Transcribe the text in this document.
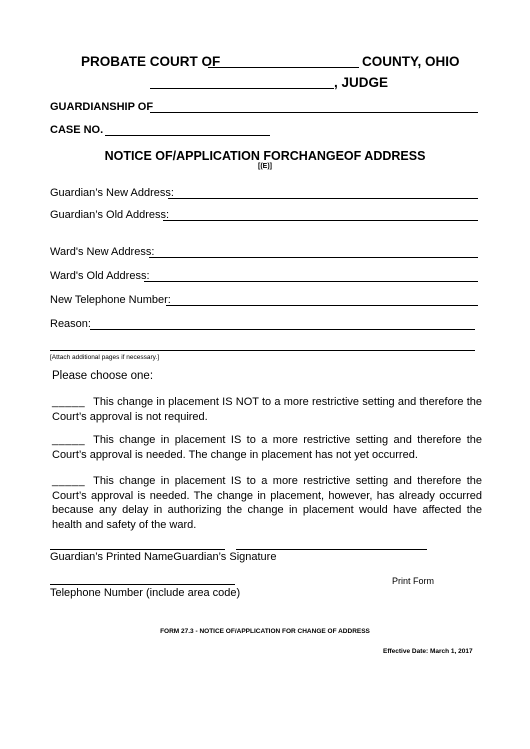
PROBATE COURT OF	COUNTY, OHIO
, JUDGE
GUARDIANSHIP OF
CASE NO.
NOTICE OF/APPLICATION FORCHANGEOF ADDRESS
[(E)]
Guardian’s New Address:
Guardian’s Old Address:
Ward's New Address:
Ward's Old Address:
New Telephone Number:
Reason:
[Attach additional pages if necessary.]
Please choose one:
_____ This change in placement IS NOT to a more restrictive setting and therefore the Court’s approval is not required.
_____ This change in placement IS to a more restrictive setting and therefore the Court’s approval is needed. The change in placement has not yet occurred.
_____ This change in placement IS to a more restrictive setting and therefore the Court’s approval is needed. The change in placement, however, has already occurred because any delay in authorizing the change in placement would have affected the health and safety of the ward.
Guardian’s Printed NameGuardian’s Signature
Telephone Number (include area code)
Print Form
FORM 27.3 - NOTICE OF/APPLICATION FOR CHANGE OF ADDRESS
Effective Date: March 1, 2017
